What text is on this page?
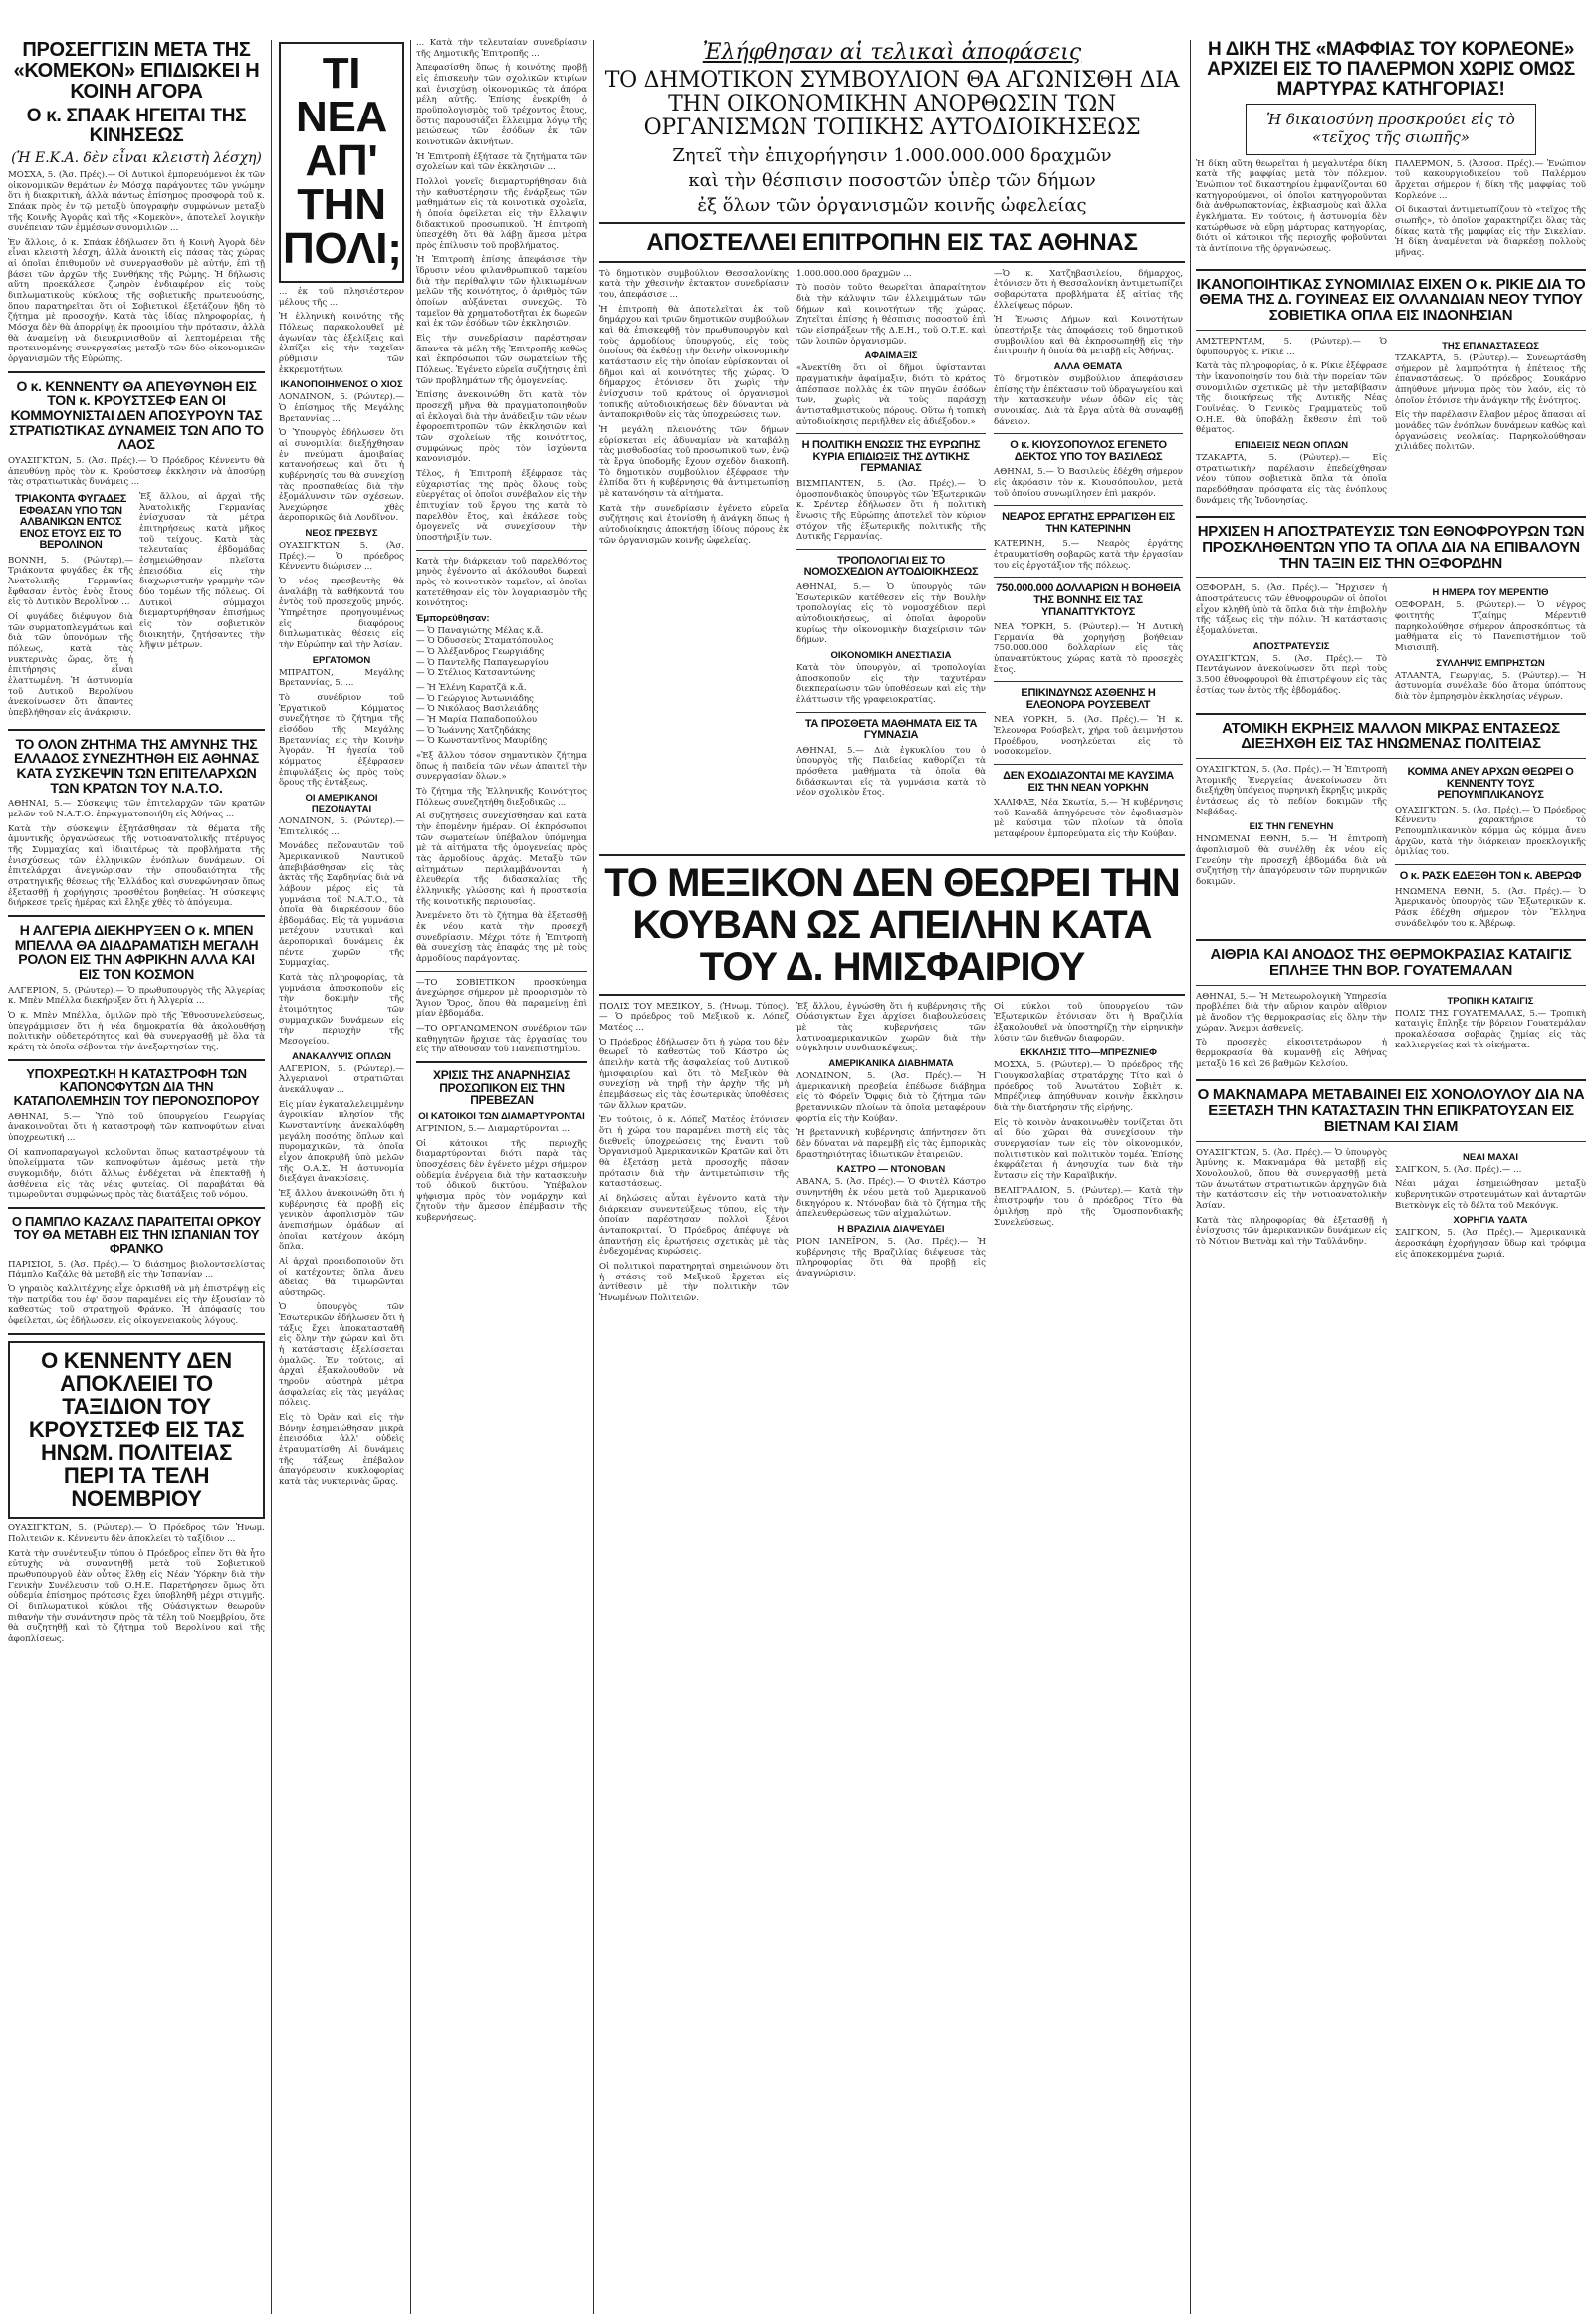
ΠΡΟΣΕΓΓΙΣΙΝ ΜΕΤΑ ΤΗΣ «ΚΟΜΕΚΟΝ» ΕΠΙΔΙΩΚΕΙ Η ΚΟΙΝΗ ΑΓΟΡΑ
Ο κ. ΣΠΑΑΚ ΗΓΕΙΤΑΙ ΤΗΣ ΚΙΝΗΣΕΩΣ
(Ἡ Ε.Κ.Α. δὲν εἶναι κλειστὴ λέσχη)

ΜΟΣΧΑ, 5. (Ἀσ. Πρές).— Οἱ Δυτικοὶ ἐμπορευόμενοι ἐκ τῶν οἰκονομικῶν θεμάτων ἐν Μόσχᾳ παράγοντες τῶν γνώμην ὅτι ἡ διακριτικὴ, ἀλλὰ πάντως ἐπίσημος προσφορὰ τοῦ κ. Σπάακ πρὸς ἐν τῷ μεταξὺ ὑπογραφὴν συμφώνων μεταξὺ τῆς Κοινῆς Ἀγορᾶς καὶ τῆς «Κομεκὸν», ἀποτελεῖ λογικὴν συνέπειαν τῶν ἐμμέσων συνομιλιῶν ...

Ἐν ἄλλοις, ὁ κ. Σπάακ ἐδήλωσεν ὅτι ἡ Κοινὴ Ἀγορὰ δὲν εἶναι κλειστὴ λέσχη, ἀλλὰ ἀνοικτὴ εἰς πάσας τὰς χώρας αἱ ὁποῖαι ἐπιθυμοῦν νὰ συνεργασθοῦν μὲ αὐτήν, ἐπὶ τῇ βάσει τῶν ἀρχῶν τῆς Συνθήκης τῆς Ρώμης. Ἡ δήλωσις αὕτη προεκάλεσε ζωηρὸν ἐνδιαφέρον εἰς τοὺς διπλωματικοὺς κύκλους τῆς σοβιετικῆς πρωτευούσης, ὅπου παρατηρεῖται ὅτι οἱ Σοβιετικοὶ ἐξετάζουν ἤδη τὸ ζήτημα μὲ προσοχήν. Κατὰ τὰς ἰδίας πληροφορίας, ἡ Μόσχα δὲν θὰ ἀπορρίψῃ ἐκ προοιμίου τὴν πρότασιν, ἀλλὰ θὰ ἀναμείνῃ νὰ διευκρινισθοῦν αἱ λεπτομέρειαι τῆς προτεινομένης συνεργασίας μεταξὺ τῶν δύο οἰκονομικῶν ὀργανισμῶν τῆς Εὐρώπης.

Ο κ. ΚΕΝΝΕΝΤΥ ΘΑ ΑΠΕΥΘΥΝΘΗ ΕΙΣ ΤΟΝ κ. ΚΡΟΥΣΤΣΕΦ ΕΑΝ ΟΙ ΚΟΜΜΟΥΝΙΣΤΑΙ ΔΕΝ ΑΠΟΣΥΡΟΥΝ ΤΑΣ ΣΤΡΑΤΙΩΤΙΚΑΣ ΔΥΝΑΜΕΙΣ ΤΩΝ ΑΠΟ ΤΟ ΛΑΟΣ

ΟΥΑΣΙΓΚΤΩΝ, 5. (Ἀσ. Πρές).— Ὁ Πρόεδρος Κέννεντυ θὰ ἀπευθύνῃ πρὸς τὸν κ. Κρούστσεφ ἐκκλησιν νὰ ἀποσύρῃ τὰς στρατιωτικὰς δυνάμεις ...

ΤΡΙΑΚΟΝΤΑ ΦΥΓΑΔΕΣ ΕΦΘΑΣΑΝ ΥΠΟ ΤΩΝ ΑΛΒΑΝΙΚΩΝ ΕΝΤΟΣ ΕΝΟΣ ΕΤΟΥΣ ΕΙΣ ΤΟ ΒΕΡΟΛΙΝΟΝ

ΒΟΝΝΗ, 5. (Ρώυτερ).— Τριάκοντα φυγάδες ἐκ τῆς Ἀνατολικῆς Γερμανίας ἔφθασαν ἐντὸς ἑνὸς ἔτους εἰς τὸ Δυτικὸν Βερολῖνον ...

Οἱ φυγάδες διέφυγον διὰ τῶν συρματοπλεγμάτων καὶ διὰ τῶν ὑπονόμων τῆς πόλεως, κατὰ τὰς νυκτερινὰς ὥρας, ὅτε ἡ ἐπιτήρησις εἶναι ἐλαττωμένη. Ἡ ἀστυνομία τοῦ Δυτικοῦ Βερολίνου ἀνεκοίνωσεν ὅτι ἅπαντες ὑπεβλήθησαν εἰς ἀνάκρισιν.

Ἐξ ἄλλου, αἱ ἀρχαὶ τῆς Ἀνατολικῆς Γερμανίας ἐνίσχυσαν τὰ μέτρα ἐπιτηρήσεως κατὰ μῆκος τοῦ τείχους. Κατὰ τὰς τελευταίας ἑβδομάδας ἐσημειώθησαν πλεῖστα ἐπεισόδια εἰς τὴν διαχωριστικὴν γραμμὴν τῶν δύο τομέων τῆς πόλεως. Οἱ Δυτικοὶ σύμμαχοι διεμαρτυρήθησαν ἐπισήμως εἰς τὸν σοβιετικὸν διοικητήν, ζητήσαντες τὴν λῆψιν μέτρων.

ΤΟ ΟΛΟΝ ΖΗΤΗΜΑ ΤΗΣ ΑΜΥΝΗΣ ΤΗΣ ΕΛΛΑΔΟΣ ΣΥΝΕΖΗΤΗΘΗ ΕΙΣ ΑΘΗΝΑΣ ΚΑΤΑ ΣΥΣΚΕΨΙΝ ΤΩΝ ΕΠΙΤΕΛΑΡΧΩΝ ΤΩΝ ΚΡΑΤΩΝ ΤΟΥ Ν.Α.Τ.Ο.

ΑΘΗΝΑΙ, 5.— Σύσκεψις τῶν ἐπιτελαρχῶν τῶν κρατῶν μελῶν τοῦ Ν.Α.Τ.Ο. ἐπραγματοποιήθη εἰς Ἀθήνας ...

Κατὰ τὴν σύσκεψιν ἐξητάσθησαν τὰ θέματα τῆς ἀμυντικῆς ὀργανώσεως τῆς νοτιοανατολικῆς πτέρυγος τῆς Συμμαχίας καὶ ἰδιαιτέρως τὰ προβλήματα τῆς ἐνισχύσεως τῶν ἑλληνικῶν ἐνόπλων δυνάμεων. Οἱ ἐπιτελάρχαι ἀνεγνώρισαν τὴν σπουδαιότητα τῆς στρατηγικῆς θέσεως τῆς Ἑλλάδος καὶ συνεφώνησαν ὅπως ἐξετασθῇ ἡ χορήγησις προσθέτου βοηθείας. Ἡ σύσκεψις διήρκεσε τρεῖς ἡμέρας καὶ ἔληξε χθὲς τὸ ἀπόγευμα.

Η ΑΛΓΕΡΙΑ ΔΙΕΚΗΡΥΞΕΝ Ο κ. ΜΠΕΝ ΜΠΕΛΛΑ ΘΑ ΔΙΑΔΡΑΜΑΤΙΣΗ ΜΕΓΑΛΗ ΡΟΛΟΝ ΕΙΣ ΤΗΝ ΑΦΡΙΚΗΝ ΑΛΛΑ ΚΑΙ ΕΙΣ ΤΟΝ ΚΟΣΜΟΝ

ΑΛΓΕΡΙΟΝ, 5. (Ρώυτερ).— Ὁ πρωθυπουργὸς τῆς Ἀλγερίας κ. Μπὲν Μπέλλα διεκήρυξεν ὅτι ἡ Ἀλγερία ...

Ὁ κ. Μπὲν Μπέλλα, ὁμιλῶν πρὸ τῆς Ἐθνοσυνελεύσεως, ὑπεγράμμισεν ὅτι ἡ νέα δημοκρατία θὰ ἀκολουθήσῃ πολιτικὴν οὐδετερότητος καὶ θὰ συνεργασθῇ μὲ ὅλα τὰ κράτη τὰ ὁποῖα σέβονται τὴν ἀνεξαρτησίαν της.

ΥΠΟΧΡΕΩΤ.ΚΗ Η ΚΑΤΑΣΤΡΟΦΗ ΤΩΝ ΚΑΠΟΝΟΦΥΤΩΝ ΔΙΑ ΤΗΝ ΚΑΤΑΠΟΛΕΜΗΣΙΝ ΤΟΥ ΠΕΡΟΝΟΣΠΟΡΟΥ

ΑΘΗΝΑΙ, 5.— Ὑπὸ τοῦ ὑπουργείου Γεωργίας ἀνακοινοῦται ὅτι ἡ καταστροφὴ τῶν καπνοφύτων εἶναι ὑποχρεωτική ...

Οἱ καπνοπαραγωγοὶ καλοῦνται ὅπως καταστρέψουν τὰ ὑπολείμματα τῶν καπνοφύτων ἀμέσως μετὰ τὴν συγκομιδήν, διότι ἄλλως ἐνδέχεται νὰ ἐπεκταθῇ ἡ ἀσθένεια εἰς τὰς νέας φυτείας. Οἱ παραβάται θὰ τιμωροῦνται συμφώνως πρὸς τὰς διατάξεις τοῦ νόμου.

Ο ΠΑΜΠΛΟ ΚΑΖΑΛΣ ΠΑΡΑΙΤΕΙΤΑΙ ΟΡΚΟΥ ΤΟΥ ΘΑ ΜΕΤΑΒΗ ΕΙΣ ΤΗΝ ΙΣΠΑΝΙΑΝ ΤΟΥ ΦΡΑΝΚΟ

ΠΑΡΙΣΙΟΙ, 5. (Ἀσ. Πρές).— Ὁ διάσημος βιολοντσελίστας Πάμπλο Καζάλς θὰ μεταβῇ εἰς τὴν Ἱσπανίαν ...

Ὁ γηραιὸς καλλιτέχνης εἶχε ὁρκισθῆ νὰ μὴ ἐπιστρέψῃ εἰς τὴν πατρίδα του ἐφ' ὅσον παραμένει εἰς τὴν ἐξουσίαν τὸ καθεστὼς τοῦ στρατηγοῦ Φράνκο. Ἡ ἀπόφασίς του ὀφείλεται, ὡς ἐδήλωσεν, εἰς οἰκογενειακοὺς λόγους.

Ο ΚΕΝΝΕΝΤΥ ΔΕΝ ΑΠΟΚΛΕΙΕΙ ΤΟ ΤΑΞΙΔΙΟΝ ΤΟΥ ΚΡΟΥΣΤΣΕΦ ΕΙΣ ΤΑΣ ΗΝΩΜ. ΠΟΛΙΤΕΙΑΣ ΠΕΡΙ ΤΑ ΤΕΛΗ ΝΟΕΜΒΡΙΟΥ

ΟΥΑΣΙΓΚΤΩΝ, 5. (Ρώυτερ).— Ὁ Πρόεδρος τῶν Ἡνωμ. Πολιτειῶν κ. Κέννεντυ δὲν ἀποκλείει τὸ ταξίδιον ...

Κατὰ τὴν συνέντευξιν τύπου ὁ Πρόεδρος εἶπεν ὅτι θὰ ἦτο εὐτυχὴς νὰ συναντηθῇ μετὰ τοῦ Σοβιετικοῦ πρωθυπουργοῦ ἐὰν οὗτος ἔλθῃ εἰς Νέαν Ὑόρκην διὰ τὴν Γενικὴν Συνέλευσιν τοῦ Ο.Η.Ε. Παρετήρησεν ὅμως ὅτι οὐδεμία ἐπίσημος πρότασις ἔχει ὑποβληθῆ μέχρι στιγμῆς. Οἱ διπλωματικοὶ κύκλοι τῆς Οὐάσιγκτων θεωροῦν πιθανὴν τὴν συνάντησιν πρὸς τὰ τέλη τοῦ Νοεμβρίου, ὅτε θὰ συζητηθῇ καὶ τὸ ζήτημα τοῦ Βερολίνου καὶ τῆς ἀφοπλίσεως.

ΤΙ ΝΕΑ ΑΠ' ΤΗΝ ΠΟΛΙ;

... ἐκ τοῦ πλησιέστερον μέλους τῆς ...

Ἡ ἑλληνικὴ κοινότης τῆς Πόλεως παρακολουθεῖ μὲ ἀγωνίαν τὰς ἐξελίξεις καὶ ἐλπίζει εἰς τὴν ταχεῖαν ρύθμισιν τῶν ἐκκρεμοτήτων.

ΙΚΑΝΟΠΟΙΗΜΕΝΟΣ Ο ΧΙΟΣ

ΛΟΝΔΙΝΟΝ, 5. (Ρώυτερ).— Ὁ ἐπίσημος τῆς Μεγάλης Βρεταννίας ...

Ὁ Ὑπουργὸς ἐδήλωσεν ὅτι αἱ συνομιλίαι διεξήχθησαν ἐν πνεύματι ἀμοιβαίας κατανοήσεως καὶ ὅτι ἡ κυβέρνησίς του θὰ συνεχίσῃ τὰς προσπαθείας διὰ τὴν ἐξομάλυνσιν τῶν σχέσεων. Ἀνεχώρησε χθὲς ἀεροπορικῶς διὰ Λονδῖνον.

ΝΕΟΣ ΠΡΕΣΒΥΣ

ΟΥΑΣΙΓΚΤΩΝ, 5. (Ἀσ. Πρές).— Ὁ πρόεδρος Κέννεντυ διώρισεν ...

Ὁ νέος πρεσβευτὴς θὰ ἀναλάβῃ τὰ καθήκοντά του ἐντὸς τοῦ προσεχοῦς μηνός. Ὑπηρέτησε προηγουμένως εἰς διαφόρους διπλωματικὰς θέσεις εἰς τὴν Εὐρώπην καὶ τὴν Ἀσίαν.

ΕΡΓΑΤΟΜΟΝ

ΜΠΡΑΙΤΟΝ, Μεγάλης Βρεταννίας, 5. ...

Τὸ συνέδριον τοῦ Ἐργατικοῦ Κόμματος συνεζήτησε τὸ ζήτημα τῆς εἰσόδου τῆς Μεγάλης Βρεταννίας εἰς τὴν Κοινὴν Ἀγοράν. Ἡ ἡγεσία τοῦ κόμματος ἐξέφρασεν ἐπιφυλάξεις ὡς πρὸς τοὺς ὅρους τῆς ἐντάξεως.

ΟΙ ΑΜΕΡΙΚΑΝΟΙ ΠΕΖΟΝΑΥΤΑΙ

ΛΟΝΔΙΝΟΝ, 5. (Ρώυτερ).— Ἐπιτελικός ...

Μονάδες πεζοναυτῶν τοῦ Ἀμερικανικοῦ Ναυτικοῦ ἀπεβιβάσθησαν εἰς τὰς ἀκτὰς τῆς Σαρδηνίας διὰ νὰ λάβουν μέρος εἰς τὰ γυμνάσια τοῦ Ν.Α.Τ.Ο., τὰ ὁποῖα θὰ διαρκέσουν δύο ἑβδομάδας. Εἰς τὰ γυμνάσια μετέχουν ναυτικαὶ καὶ ἀεροπορικαὶ δυνάμεις ἐκ πέντε χωρῶν τῆς Συμμαχίας.

Κατὰ τὰς πληροφορίας, τὰ γυμνάσια ἀποσκοποῦν εἰς τὴν δοκιμὴν τῆς ἑτοιμότητος τῶν συμμαχικῶν δυνάμεων εἰς τὴν περιοχὴν τῆς Μεσογείου.

ΑΝΑΚΑΛΥΨΙΣ ΟΠΛΩΝ

ΑΛΓΕΡΙΟΝ, 5. (Ρώυτερ).— Ἀλγεριανοὶ στρατιῶται ἀνεκάλυψαν ...

Εἰς μίαν ἐγκαταλελειμμένην ἀγροικίαν πλησίον τῆς Κωνσταντίνης ἀνεκαλύφθη μεγάλη ποσότης ὅπλων καὶ πυρομαχικῶν, τὰ ὁποῖα εἶχον ἀποκρυβῆ ὑπὸ μελῶν τῆς Ο.Α.Σ. Ἡ ἀστυνομία διεξάγει ἀνακρίσεις.

Ἐξ ἄλλου ἀνεκοινώθη ὅτι ἡ κυβέρνησις θὰ προβῇ εἰς γενικὸν ἀφοπλισμὸν τῶν ἀνεπισήμων ὁμάδων αἱ ὁποῖαι κατέχουν ἀκόμη ὅπλα.

Αἱ ἀρχαὶ προειδοποιοῦν ὅτι οἱ κατέχοντες ὅπλα ἄνευ ἀδείας θὰ τιμωρῶνται αὐστηρῶς.

Ὁ ὑπουργὸς τῶν Ἐσωτερικῶν ἐδήλωσεν ὅτι ἡ τάξις ἔχει ἀποκατασταθῆ εἰς ὅλην τὴν χώραν καὶ ὅτι ἡ κατάστασις ἐξελίσσεται ὁμαλῶς. Ἐν τούτοις, αἱ ἀρχαὶ ἐξακολουθοῦν νὰ τηροῦν αὐστηρὰ μέτρα ἀσφαλείας εἰς τὰς μεγάλας πόλεις.

Εἰς τὸ Ὀρὰν καὶ εἰς τὴν Βόνην ἐσημειώθησαν μικρὰ ἐπεισόδια ἀλλ' οὐδεὶς ἐτραυματίσθη. Αἱ δυνάμεις τῆς τάξεως ἐπέβαλον ἀπαγόρευσιν κυκλοφορίας κατὰ τὰς νυκτερινὰς ὥρας.

... Κατὰ τὴν τελευταίαν συνεδρίασιν τῆς Δημοτικῆς Ἐπιτροπῆς ...

Ἀπεφασίσθη ὅπως ἡ κοινότης προβῇ εἰς ἐπισκευὴν τῶν σχολικῶν κτιρίων καὶ ἐνισχύσῃ οἰκονομικῶς τὰ ἀπόρα μέλη αὐτῆς. Ἐπίσης ἐνεκρίθη ὁ προϋπολογισμὸς τοῦ τρέχοντος ἔτους, ὅστις παρουσιάζει ἔλλειμμα λόγῳ τῆς μειώσεως τῶν ἐσόδων ἐκ τῶν κοινοτικῶν ἀκινήτων.

Ἡ Ἐπιτροπὴ ἐξήτασε τὰ ζητήματα τῶν σχολείων καὶ τῶν ἐκκλησιῶν ...

Πολλοὶ γονεῖς διεμαρτυρήθησαν διὰ τὴν καθυστέρησιν τῆς ἐνάρξεως τῶν μαθημάτων εἰς τὰ κοινοτικὰ σχολεῖα, ἡ ὁποία ὀφείλεται εἰς τὴν ἔλλειψιν διδακτικοῦ προσωπικοῦ. Ἡ ἐπιτροπὴ ὑπεσχέθη ὅτι θὰ λάβῃ ἅμεσα μέτρα πρὸς ἐπίλυσιν τοῦ προβλήματος.

Ἡ Ἐπιτροπὴ ἐπίσης ἀπεφάσισε τὴν ἵδρυσιν νέου φιλανθρωπικοῦ ταμείου διὰ τὴν περίθαλψιν τῶν ἡλικιωμένων μελῶν τῆς κοινότητος, ὁ ἀριθμὸς τῶν ὁποίων αὐξάνεται συνεχῶς. Τὸ ταμεῖον θὰ χρηματοδοτῆται ἐκ δωρεῶν καὶ ἐκ τῶν ἐσόδων τῶν ἐκκλησιῶν.

Εἰς τὴν συνεδρίασιν παρέστησαν ἅπαντα τὰ μέλη τῆς Ἐπιτροπῆς καθὼς καὶ ἐκπρόσωποι τῶν σωματείων τῆς Πόλεως. Ἐγένετο εὐρεῖα συζήτησις ἐπὶ τῶν προβλημάτων τῆς ὁμογενείας.

Ἐπίσης ἀνεκοινώθη ὅτι κατὰ τὸν προσεχῆ μῆνα θὰ πραγματοποιηθοῦν αἱ ἐκλογαὶ διὰ τὴν ἀνάδειξιν τῶν νέων ἐφοροεπιτροπῶν τῶν ἐκκλησιῶν καὶ τῶν σχολείων τῆς κοινότητος, συμφώνως πρὸς τὸν ἰσχύοντα κανονισμόν.

Τέλος, ἡ Ἐπιτροπὴ ἐξέφρασε τὰς εὐχαριστίας της πρὸς ὅλους τοὺς εὐεργέτας οἱ ὁποῖοι συνέβαλον εἰς τὴν ἐπιτυχίαν τοῦ ἔργου της κατὰ τὸ παρελθὸν ἔτος, καὶ ἐκάλεσε τοὺς ὁμογενεῖς νὰ συνεχίσουν τὴν ὑποστήριξίν των.

Κατὰ τὴν διάρκειαν τοῦ παρελθόντος μηνὸς ἐγένοντο αἱ ἀκόλουθοι δωρεαὶ πρὸς τὸ κοινοτικὸν ταμεῖον, αἱ ὁποῖαι κατετέθησαν εἰς τὸν λογαριασμὸν τῆς κοινότητος:

Ἐμπορεύθησαν:

— Ὁ Παναγιώτης Μέλας κ.ἄ.
— Ὁ Ὀδυσσεὺς Σταματόπουλος
— Ὁ Ἀλέξανδρος Γεωργιάδης
— Ὁ Παντελῆς Παπαγεωργίου
— Ὁ Στέλιος Κατσαντώνης

— Ἡ Ἑλένη Καρατζᾶ κ.ἄ.
— Ὁ Γεώργιος Ἀντωνιάδης
— Ὁ Νικόλαος Βασιλειάδης
— Ἡ Μαρία Παπαδοπούλου
— Ὁ Ἰωάννης Χατζηδάκης
— Ὁ Κωνσταντῖνος Μαυρίδης

«Ἐξ ἄλλου τόσον σημαντικὸν ζήτημα ὅπως ἡ παιδεία τῶν νέων ἀπαιτεῖ τὴν συνεργασίαν ὅλων.»

Τὸ ζήτημα τῆς Ἑλληνικῆς Κοινότητος Πόλεως συνεζητήθη διεξοδικῶς ...

Αἱ συζητήσεις συνεχίσθησαν καὶ κατὰ τὴν ἑπομένην ἡμέραν. Οἱ ἐκπρόσωποι τῶν σωματείων ὑπέβαλον ὑπόμνημα μὲ τὰ αἰτήματα τῆς ὁμογενείας πρὸς τὰς ἁρμοδίους ἀρχάς. Μεταξὺ τῶν αἰτημάτων περιλαμβάνονται ἡ ἐλευθερία τῆς διδασκαλίας τῆς ἑλληνικῆς γλώσσης καὶ ἡ προστασία τῆς κοινοτικῆς περιουσίας.

Ἀνεμένετο ὅτι τὸ ζήτημα θὰ ἐξετασθῇ ἐκ νέου κατὰ τὴν προσεχῆ συνεδρίασιν. Μέχρι τότε ἡ Ἐπιτροπὴ θὰ συνεχίσῃ τὰς ἐπαφάς της μὲ τοὺς ἁρμοδίους παράγοντας.

—ΤΟ ΣΟΒΙΕΤΙΚΟΝ προσκύνημα ἀνεχώρησε σήμερον μὲ προορισμὸν τὸ Ἅγιον Ὄρος, ὅπου θὰ παραμείνῃ ἐπὶ μίαν ἑβδομάδα.

—ΤΟ ΟΡΓΑΝΩΜΕΝΟΝ συνέδριον τῶν καθηγητῶν ἤρχισε τὰς ἐργασίας του εἰς τὴν αἴθουσαν τοῦ Πανεπιστημίου.

ΧΡΙΣΙΣ ΤΗΣ ΑΝΑΡΝΗΣΙΑΣ ΠΡΟΣΩΠΙΚΟΝ ΕΙΣ ΤΗΝ ΠΡΕΒΕΖΑΝ
ΟΙ ΚΑΤΟΙΚΟΙ ΤΩΝ ΔΙΑΜΑΡΤΥΡΟΝΤΑΙ

ΑΓΡΙΝΙΟΝ, 5.— Διαμαρτύρονται ...

Οἱ κάτοικοι τῆς περιοχῆς διαμαρτύρονται διότι παρὰ τὰς ὑποσχέσεις δὲν ἐγένετο μέχρι σήμερον οὐδεμία ἐνέργεια διὰ τὴν κατασκευὴν τοῦ ὁδικοῦ δικτύου. Ὑπέβαλον ψήφισμα πρὸς τὸν νομάρχην καὶ ζητοῦν τὴν ἄμεσον ἐπέμβασιν τῆς κυβερνήσεως.

Ἐλήφθησαν αἱ τελικαὶ ἀποφάσεις
ΤΟ ΔΗΜΟΤΙΚΟΝ ΣΥΜΒΟΥΛΙΟΝ ΘΑ ΑΓΩΝΙΣΘΗ ΔΙΑ ΤΗΝ ΟΙΚΟΝΟΜΙΚΗΝ ΑΝΟΡΘΩΣΙΝ ΤΩΝ ΟΡΓΑΝΙΣΜΩΝ ΤΟΠΙΚΗΣ ΑΥΤΟΔΙΟΙΚΗΣΕΩΣ
Ζητεῖ τὴν ἐπιχορήγησιν 1.000.000.000 δραχμῶν
καὶ τὴν θέσπισιν ποσοστῶν ὑπὲρ τῶν δήμων
ἐξ ὅλων τῶν ὀργανισμῶν κοινῆς ὠφελείας
ΑΠΟΣΤΕΛΛΕΙ ΕΠΙΤΡΟΠΗΝ ΕΙΣ ΤΑΣ ΑΘΗΝΑΣ

Τὸ δημοτικὸν συμβούλιον Θεσσαλονίκης κατὰ τὴν χθεσινὴν ἐκτακτον συνεδρίασιν του, ἀπεφάσισε ...

Ἡ ἐπιτροπὴ θὰ ἀποτελεῖται ἐκ τοῦ δημάρχου καὶ τριῶν δημοτικῶν συμβούλων καὶ θὰ ἐπισκεφθῇ τὸν πρωθυπουργὸν καὶ τοὺς ἁρμοδίους ὑπουργούς, εἰς τοὺς ὁποίους θὰ ἐκθέσῃ τὴν δεινὴν οἰκονομικὴν κατάστασιν εἰς τὴν ὁποίαν εὑρίσκονται οἱ δῆμοι καὶ αἱ κοινότητες τῆς χώρας. Ὁ δήμαρχος ἐτόνισεν ὅτι χωρὶς τὴν ἐνίσχυσιν τοῦ κράτους οἱ ὀργανισμοὶ τοπικῆς αὐτοδιοικήσεως δὲν δύνανται νὰ ἀνταποκριθοῦν εἰς τὰς ὑποχρεώσεις των.

Ἡ μεγάλη πλειονότης τῶν δήμων εὑρίσκεται εἰς ἀδυναμίαν νὰ καταβάλῃ τὰς μισθοδοσίας τοῦ προσωπικοῦ των, ἐνῷ τὰ ἔργα ὑποδομῆς ἔχουν σχεδὸν διακοπῆ. Τὸ δημοτικὸν συμβούλιον ἐξέφρασε τὴν ἐλπίδα ὅτι ἡ κυβέρνησις θὰ ἀντιμετωπίσῃ μὲ κατανόησιν τὰ αἰτήματα.

Κατὰ τὴν συνεδρίασιν ἐγένετο εὐρεῖα συζήτησις καὶ ἐτονίσθη ἡ ἀνάγκη ὅπως ἡ αὐτοδιοίκησις ἀποκτήσῃ ἰδίους πόρους ἐκ τῶν ὀργανισμῶν κοινῆς ὠφελείας.

1.000.000.000 δραχμῶν ...

Τὸ ποσὸν τοῦτο θεωρεῖται ἀπαραίτητον διὰ τὴν κάλυψιν τῶν ἐλλειμμάτων τῶν δήμων καὶ κοινοτήτων τῆς χώρας. Ζητεῖται ἐπίσης ἡ θέσπισις ποσοστοῦ ἐπὶ τῶν εἰσπράξεων τῆς Δ.Ε.Η., τοῦ Ο.Τ.Ε. καὶ τῶν λοιπῶν ὀργανισμῶν.

ΑΦΑΙΜΑΞΙΣ

«Ἀνεκτίθη ὅτι οἱ δῆμοι ὑφίστανται πραγματικὴν ἀφαίμαξιν, διότι τὸ κράτος ἀπέσπασε πολλὰς ἐκ τῶν πηγῶν ἐσόδων των, χωρὶς νὰ τοὺς παράσχῃ ἀντισταθμιστικοὺς πόρους. Οὕτω ἡ τοπικὴ αὐτοδιοίκησις περιῆλθεν εἰς ἀδιέξοδον.»

Η ΠΟΛΙΤΙΚΗ ΕΝΩΣΙΣ ΤΗΣ ΕΥΡΩΠΗΣ ΚΥΡΙΑ ΕΠΙΔΙΩΞΙΣ ΤΗΣ ΔΥΤΙΚΗΣ ΓΕΡΜΑΝΙΑΣ

ΒΙΣΜΠΑΝΤΕΝ, 5. (Ἀσ. Πρές).— Ὁ ὁμοσπονδιακὸς ὑπουργὸς τῶν Ἐξωτερικῶν κ. Σρέντερ ἐδήλωσεν ὅτι ἡ πολιτικὴ ἕνωσις τῆς Εὐρώπης ἀποτελεῖ τὸν κύριον στόχον τῆς ἐξωτερικῆς πολιτικῆς τῆς Δυτικῆς Γερμανίας.

ΤΡΟΠΟΛΟΓΙΑΙ ΕΙΣ ΤΟ ΝΟΜΟΣΧΕΔΙΟΝ ΑΥΤΟΔΙΟΙΚΗΣΕΩΣ

ΑΘΗΝΑΙ, 5.— Ὁ ὑπουργὸς τῶν Ἐσωτερικῶν κατέθεσεν εἰς τὴν Βουλὴν τροπολογίας εἰς τὸ νομοσχέδιον περὶ αὐτοδιοικήσεως, αἱ ὁποῖαι ἀφοροῦν κυρίως τὴν οἰκονομικὴν διαχείρισιν τῶν δήμων.

ΟΙΚΟΝΟΜΙΚΗ ΑΝΕΣΤΙΑΣΙΑ

Κατὰ τὸν ὑπουργὸν, αἱ τροπολογίαι ἀποσκοποῦν εἰς τὴν ταχυτέραν διεκπεραίωσιν τῶν ὑποθέσεων καὶ εἰς τὴν ἐλάττωσιν τῆς γραφειοκρατίας.

ΤΑ ΠΡΟΣΘΕΤΑ ΜΑΘΗΜΑΤΑ ΕΙΣ ΤΑ ΓΥΜΝΑΣΙΑ

ΑΘΗΝΑΙ, 5.— Διὰ ἐγκυκλίου του ὁ ὑπουργὸς τῆς Παιδείας καθορίζει τὰ πρόσθετα μαθήματα τὰ ὁποῖα θὰ διδάσκωνται εἰς τὰ γυμνάσια κατὰ τὸ νέον σχολικὸν ἔτος.

—Ὁ κ. Χατζηβασιλείου, δήμαρχος, ἐτόνισεν ὅτι ἡ Θεσσαλονίκη ἀντιμετωπίζει σοβαρώτατα προβλήματα ἐξ αἰτίας τῆς ἐλλείψεως πόρων.

Ἡ Ἑνωσις Δήμων καὶ Κοινοτήτων ὑπεστήριξε τὰς ἀποφάσεις τοῦ δημοτικοῦ συμβουλίου καὶ θὰ ἐκπροσωπηθῇ εἰς τὴν ἐπιτροπὴν ἡ ὁποία θὰ μεταβῇ εἰς Ἀθήνας.

ΑΛΛΑ ΘΕΜΑΤΑ

Τὸ δημοτικὸν συμβούλιον ἀπεφάσισεν ἐπίσης τὴν ἐπέκτασιν τοῦ ὑδραγωγείου καὶ τὴν κατασκευὴν νέων ὁδῶν εἰς τὰς συνοικίας. Διὰ τὰ ἔργα αὐτὰ θὰ συναφθῇ δάνειον.

Ο κ. ΚΙΟΥΣΟΠΟΥΛΟΣ ΕΓΕΝΕΤΟ ΔΕΚΤΟΣ ΥΠΟ ΤΟΥ ΒΑΣΙΛΕΩΣ

ΑΘΗΝΑΙ, 5.— Ὁ Βασιλεὺς ἐδέχθη σήμερον εἰς ἀκρόασιν τὸν κ. Κιουσόπουλον, μετὰ τοῦ ὁποίου συνωμίλησεν ἐπὶ μακρόν.

ΝΕΑΡΟΣ ΕΡΓΑΤΗΣ ΕΡΡΑΓΙΣΘΗ ΕΙΣ ΤΗΝ ΚΑΤΕΡΙΝΗΝ

ΚΑΤΕΡΙΝΗ, 5.— Νεαρὸς ἐργάτης ἐτραυματίσθη σοβαρῶς κατὰ τὴν ἐργασίαν του εἰς ἐργοτάξιον τῆς πόλεως.

750.000.000 ΔΟΛΛΑΡΙΩΝ Η ΒΟΗΘΕΙΑ ΤΗΣ ΒΟΝΝΗΣ ΕΙΣ ΤΑΣ ΥΠΑΝΑΠΤΥΚΤΟΥΣ

ΝΕΑ ΥΟΡΚΗ, 5. (Ρώυτερ).— Ἡ Δυτικὴ Γερμανία θὰ χορηγήσῃ βοήθειαν 750.000.000 δολλαρίων εἰς τὰς ὑπαναπτύκτους χώρας κατὰ τὸ προσεχὲς ἔτος.

ΕΠΙΚΙΝΔΥΝΩΣ ΑΣΘΕΝΗΣ Η ΕΛΕΟΝΟΡΑ ΡΟΥΣΕΒΕΛΤ

ΝΕΑ ΥΟΡΚΗ, 5. (Ἀσ. Πρές).— Ἡ κ. Ἐλεονόρα Ρούσβελτ, χήρα τοῦ ἀειμνήστου Προέδρου, νοσηλεύεται εἰς τὸ νοσοκομεῖον.

ΔΕΝ ΕΧΟΔΙΑΖΟΝΤΑΙ ΜΕ ΚΑΥΣΙΜΑ ΕΙΣ ΤΗΝ ΝΕΑΝ ΥΟΡΚΗΝ

ΧΑΛΙΦΑΞ, Νέα Σκωτία, 5.— Ἡ κυβέρνησις τοῦ Καναδᾶ ἀπηγόρευσε τὸν ἐφοδιασμὸν μὲ καύσιμα τῶν πλοίων τὰ ὁποῖα μεταφέρουν ἐμπορεύματα εἰς τὴν Κούβαν.

ΤΟ ΜΕΞΙΚΟΝ ΔΕΝ ΘΕΩΡΕΙ ΤΗΝ ΚΟΥΒΑΝ ΩΣ ΑΠΕΙΛΗΝ ΚΑΤΑ ΤΟΥ Δ. ΗΜΙΣΦΑΙΡΙΟΥ

ΠΟΛΙΣ ΤΟΥ ΜΕΞΙΚΟΥ, 5. (Ἡνωμ. Τύπος).— Ὁ πρόεδρος τοῦ Μεξικοῦ κ. Λόπεζ Ματέος ...

Ὁ Πρόεδρος ἐδήλωσεν ὅτι ἡ χώρα του δὲν θεωρεῖ τὸ καθεστὼς τοῦ Κάστρο ὡς ἀπειλὴν κατὰ τῆς ἀσφαλείας τοῦ Δυτικοῦ ἡμισφαιρίου καὶ ὅτι τὸ Μεξικὸν θὰ συνεχίσῃ νὰ τηρῇ τὴν ἀρχὴν τῆς μὴ ἐπεμβάσεως εἰς τὰς ἐσωτερικὰς ὑποθέσεις τῶν ἄλλων κρατῶν.

Ἐν τούτοις, ὁ κ. Λόπεζ Ματέος ἐτόνισεν ὅτι ἡ χώρα του παραμένει πιστὴ εἰς τὰς διεθνεῖς ὑποχρεώσεις της ἔναντι τοῦ Ὀργανισμοῦ Ἀμερικανικῶν Κρατῶν καὶ ὅτι θὰ ἐξετάσῃ μετὰ προσοχῆς πᾶσαν πρότασιν διὰ τὴν ἀντιμετώπισιν τῆς καταστάσεως.

Αἱ δηλώσεις αὗται ἐγένοντο κατὰ τὴν διάρκειαν συνεντεύξεως τύπου, εἰς τὴν ὁποίαν παρέστησαν πολλοὶ ξένοι ἀνταποκριταί. Ὁ Πρόεδρος ἀπέφυγε νὰ ἀπαντήσῃ εἰς ἐρωτήσεις σχετικὰς μὲ τὰς ἐνδεχομένας κυρώσεις.

Οἱ πολιτικοὶ παρατηρηταὶ σημειώνουν ὅτι ἡ στάσις τοῦ Μεξικοῦ ἔρχεται εἰς ἀντίθεσιν μὲ τὴν πολιτικὴν τῶν Ἡνωμένων Πολιτειῶν.

Ἐξ ἄλλου, ἐγνώσθη ὅτι ἡ κυβέρνησις τῆς Οὐάσιγκτων ἔχει ἀρχίσει διαβουλεύσεις μὲ τὰς κυβερνήσεις τῶν λατινοαμερικανικῶν χωρῶν διὰ τὴν σύγκλησιν συνδιασκέψεως.

ΑΜΕΡΙΚΑΝΙΚΑ ΔΙΑΒΗΜΑΤΑ

ΛΟΝΔΙΝΟΝ, 5. (Ἀσ. Πρές).— Ἡ ἀμερικανικὴ πρεσβεία ἐπέδωσε διάβημα εἰς τὸ Φόρεϊν Ὄφφις διὰ τὸ ζήτημα τῶν βρεταννικῶν πλοίων τὰ ὁποῖα μεταφέρουν φορτία εἰς τὴν Κούβαν.

Ἡ βρεταννικὴ κυβέρνησις ἀπήντησεν ὅτι δὲν δύναται νὰ παρεμβῇ εἰς τὰς ἐμπορικὰς δραστηριότητας ἰδιωτικῶν ἑταιρειῶν.

ΚΑΣΤΡΟ — ΝΤΟΝΟΒΑΝ

ΑΒΑΝΑ, 5. (Ἀσ. Πρές).— Ὁ Φιντὲλ Κάστρο συνηντήθη ἐκ νέου μετὰ τοῦ Ἀμερικανοῦ δικηγόρου κ. Ντόνοβαν διὰ τὸ ζήτημα τῆς ἀπελευθερώσεως τῶν αἰχμαλώτων.

Η ΒΡΑΖΙΛΙΑ ΔΙΑΨΕΥΔΕΙ

ΡΙΟΝ ΙΑΝΕΪΡΟΝ, 5. (Ἀσ. Πρές).— Ἡ κυβέρνησις τῆς Βραζιλίας διέψευσε τὰς πληροφορίας ὅτι θὰ προβῇ εἰς ἀναγνώρισιν.

Οἱ κύκλοι τοῦ ὑπουργείου τῶν Ἐξωτερικῶν ἐτόνισαν ὅτι ἡ Βραζιλία ἐξακολουθεῖ νὰ ὑποστηρίζῃ τὴν εἰρηνικὴν λύσιν τῶν διεθνῶν διαφορῶν.

ΕΚΚΛΗΣΙΣ ΤΙΤΟ—ΜΠΡΕΖΝΙΕΦ

ΜΟΣΧΑ, 5. (Ρώυτερ).— Ὁ πρόεδρος τῆς Γιουγκοσλαβίας στρατάρχης Τίτο καὶ ὁ πρόεδρος τοῦ Ἀνωτάτου Σοβιὲτ κ. Μπρέζνιεφ ἀπηύθυναν κοινὴν ἔκκλησιν διὰ τὴν διατήρησιν τῆς εἰρήνης.

Εἰς τὸ κοινὸν ἀνακοινωθὲν τονίζεται ὅτι αἱ δύο χῶραι θὰ συνεχίσουν τὴν συνεργασίαν των εἰς τὸν οἰκονομικόν, πολιτιστικὸν καὶ πολιτικὸν τομέα. Ἐπίσης ἐκφράζεται ἡ ἀνησυχία των διὰ τὴν ἔντασιν εἰς τὴν Καραϊβικήν.

ΒΕΛΙΓΡΑΔΙΟΝ, 5. (Ρώυτερ).— Κατὰ τὴν ἐπιστροφήν του ὁ πρόεδρος Τίτο θὰ ὁμιλήσῃ πρὸ τῆς Ὁμοσπονδιακῆς Συνελεύσεως.

Η ΔΙΚΗ ΤΗΣ «ΜΑΦΦΙΑΣ ΤΟΥ ΚΟΡΛΕΟΝΕ» ΑΡΧΙΖΕΙ ΕΙΣ ΤΟ ΠΑΛΕΡΜΟΝ ΧΩΡΙΣ ΟΜΩΣ ΜΑΡΤΥΡΑΣ ΚΑΤΗΓΟΡΙΑΣ!
Ἡ δικαιοσύνη προσκρούει εἰς τὸ «τεῖχος τῆς σιωπῆς»

Ἡ δίκη αὕτη θεωρεῖται ἡ μεγαλυτέρα δίκη κατὰ τῆς μαφφίας μετὰ τὸν πόλεμον. Ἐνώπιον τοῦ δικαστηρίου ἐμφανίζονται 60 κατηγορούμενοι, οἱ ὁποῖοι κατηγοροῦνται διὰ ἀνθρωποκτονίας, ἐκβιασμοὺς καὶ ἄλλα ἐγκλήματα. Ἐν τούτοις, ἡ ἀστυνομία δὲν κατώρθωσε νὰ εὕρῃ μάρτυρας κατηγορίας, διότι οἱ κάτοικοι τῆς περιοχῆς φοβοῦνται τὰ ἀντίποινα τῆς ὀργανώσεως.

ΠΑΛΕΡΜΟΝ, 5. (Ἀσσοσ. Πρές).— Ἐνώπιον τοῦ κακουργιοδικείου τοῦ Παλέρμου ἄρχεται σήμερον ἡ δίκη τῆς μαφφίας τοῦ Κορλεόνε ...

Οἱ δικασταὶ ἀντιμετωπίζουν τὸ «τεῖχος τῆς σιωπῆς», τὸ ὁποῖον χαρακτηρίζει ὅλας τὰς δίκας κατὰ τῆς μαφφίας εἰς τὴν Σικελίαν. Ἡ δίκη ἀναμένεται νὰ διαρκέσῃ πολλοὺς μῆνας.

ΙΚΑΝΟΠΟΙΗΤΙΚΑΣ ΣΥΝΟΜΙΛΙΑΣ ΕΙΧΕΝ Ο κ. ΡΙΚΙΕ ΔΙΑ ΤΟ ΘΕΜΑ ΤΗΣ Δ. ΓΟΥΙΝΕΑΣ ΕΙΣ ΟΛΛΑΝΔΙΑΝ ΝΕΟΥ ΤΥΠΟΥ ΣΟΒΙΕΤΙΚΑ ΟΠΛΑ ΕΙΣ ΙΝΔΟΝΗΣΙΑΝ

ΑΜΣΤΕΡΝΤΑΜ, 5. (Ρώυτερ).— Ὁ ὑφυπουργὸς κ. Ρίκιε ...

Κατὰ τὰς πληροφορίας, ὁ κ. Ρίκιε ἐξέφρασε τὴν ἱκανοποίησίν του διὰ τὴν πορείαν τῶν συνομιλιῶν σχετικῶς μὲ τὴν μεταβίβασιν τῆς διοικήσεως τῆς Δυτικῆς Νέας Γουϊνέας. Ὁ Γενικὸς Γραμματεὺς τοῦ Ο.Η.Ε. θὰ ὑποβάλῃ ἔκθεσιν ἐπὶ τοῦ θέματος.

ΕΠΙΔΕΙΞΙΣ ΝΕΩΝ ΟΠΛΩΝ

ΤΖΑΚΑΡΤΑ, 5. (Ρώυτερ).— Εἰς στρατιωτικὴν παρέλασιν ἐπεδείχθησαν νέου τύπου σοβιετικὰ ὅπλα τὰ ὁποῖα παρεδόθησαν πρόσφατα εἰς τὰς ἐνόπλους δυνάμεις τῆς Ἰνδονησίας.

ΤΗΣ ΕΠΑΝΑΣΤΑΣΕΩΣ

ΤΖΑΚΑΡΤΑ, 5. (Ρώυτερ).— Συνεωρτάσθη σήμερον μὲ λαμπρότητα ἡ ἐπέτειος τῆς ἐπαναστάσεως. Ὁ πρόεδρος Σουκάρνο ἀπηύθυνε μήνυμα πρὸς τὸν λαόν, εἰς τὸ ὁποῖον ἐτόνισε τὴν ἀνάγκην τῆς ἑνότητος.

Εἰς τὴν παρέλασιν ἔλαβον μέρος ἅπασαι αἱ μονάδες τῶν ἐνόπλων δυνάμεων καθὼς καὶ ὀργανώσεις νεολαίας. Παρηκολούθησαν χιλιάδες πολιτῶν.

ΗΡΧΙΣΕΝ Η ΑΠΟΣΤΡΑΤΕΥΣΙΣ ΤΩΝ ΕΘΝΟΦΡΟΥΡΩΝ ΤΩΝ ΠΡΟΣΚΛΗΘΕΝΤΩΝ ΥΠΟ ΤΑ ΟΠΛΑ ΔΙΑ ΝΑ ΕΠΙΒΑΛΟΥΝ ΤΗΝ ΤΑΞΙΝ ΕΙΣ ΤΗΝ ΟΞΦΟΡΔΗΝ

ΟΞΦΟΡΔΗ, 5. (Ἀσ. Πρές).— Ἤρχισεν ἡ ἀποστράτευσις τῶν ἐθνοφρουρῶν οἱ ὁποῖοι εἶχον κληθῆ ὑπὸ τὰ ὅπλα διὰ τὴν ἐπιβολὴν τῆς τάξεως εἰς τὴν πόλιν. Ἡ κατάστασις ἐξομαλύνεται.

ΑΠΟΣΤΡΑΤΕΥΣΙΣ

ΟΥΑΣΙΓΚΤΩΝ, 5. (Ἀσ. Πρές).— Τὸ Πεντάγωνον ἀνεκοίνωσεν ὅτι περὶ τοὺς 3.500 ἐθνοφρουροὶ θὰ ἐπιστρέψουν εἰς τὰς ἑστίας των ἐντὸς τῆς ἑβδομάδος.

Η ΗΜΕΡΑ ΤΟΥ ΜΕΡΕΝΤΙΘ

ΟΞΦΟΡΔΗ, 5. (Ρώυτερ).— Ὁ νέγρος φοιτητὴς Τζαίημς Μέρεντιθ παρηκολούθησε σήμερον ἀπροσκόπτως τὰ μαθήματα εἰς τὸ Πανεπιστήμιον τοῦ Μισισιπῆ.

ΣΥΛΛΗΨΙΣ ΕΜΠΡΗΣΤΩΝ

ΑΤΛΑΝΤΑ, Γεωργίας, 5. (Ρώυτερ).— Ἡ ἀστυνομία συνέλαβε δύο ἄτομα ὑπόπτους διὰ τὸν ἐμπρησμὸν ἐκκλησίας νέγρων.

ΑΤΟΜΙΚΗ ΕΚΡΗΞΙΣ ΜΑΛΛΟΝ ΜΙΚΡΑΣ ΕΝΤΑΣΕΩΣ ΔΙΕΞΗΧΘΗ ΕΙΣ ΤΑΣ ΗΝΩΜΕΝΑΣ ΠΟΛΙΤΕΙΑΣ

ΟΥΑΣΙΓΚΤΩΝ, 5. (Ἀσ. Πρές).— Ἡ Ἐπιτροπὴ Ἀτομικῆς Ἐνεργείας ἀνεκοίνωσεν ὅτι διεξήχθη ὑπόγειος πυρηνικὴ ἔκρηξις μικρᾶς ἐντάσεως εἰς τὸ πεδίον δοκιμῶν τῆς Νεβάδας.

ΕΙΣ ΤΗΝ ΓΕΝΕΥΗΝ

ΗΝΩΜΕΝΑΙ ΕΘΝΗ, 5.— Ἡ ἐπιτροπὴ ἀφοπλισμοῦ θὰ συνέλθῃ ἐκ νέου εἰς Γενεύην τὴν προσεχῆ ἑβδομάδα διὰ νὰ συζητήσῃ τὴν ἀπαγόρευσιν τῶν πυρηνικῶν δοκιμῶν.

ΚΟΜΜΑ ΑΝΕΥ ΑΡΧΩΝ ΘΕΩΡΕΙ Ο ΚΕΝΝΕΝΤΥ ΤΟΥΣ ΡΕΠΟΥΜΠΛΙΚΑΝΟΥΣ

ΟΥΑΣΙΓΚΤΩΝ, 5. (Ἀσ. Πρές).— Ὁ Πρόεδρος Κέννεντυ χαρακτήρισε τὸ Ρεπουμπλικανικὸν κόμμα ὡς κόμμα ἄνευ ἀρχῶν, κατὰ τὴν διάρκειαν προεκλογικῆς ὁμιλίας του.

Ο κ. ΡΑΣΚ ΕΔΕΞΘΗ ΤΟΝ κ. ΑΒΕΡΩΦ

ΗΝΩΜΕΝΑ ΕΘΝΗ, 5. (Ἀσ. Πρές).— Ὁ Ἀμερικανὸς ὑπουργὸς τῶν Ἐξωτερικῶν κ. Ράσκ ἐδέχθη σήμερον τὸν Ἕλληνα συνάδελφόν του κ. Ἀβέρωφ.

ΑΙΘΡΙΑ ΚΑΙ ΑΝΟΔΟΣ ΤΗΣ ΘΕΡΜΟΚΡΑΣΙΑΣ ΚΑΤΑΙΓΙΣ ΕΠΛΗΞΕ ΤΗΝ ΒΟΡ. ΓΟΥΑΤΕΜΑΛΑΝ

ΑΘΗΝΑΙ, 5.— Ἡ Μετεωρολογικὴ Ὑπηρεσία προβλέπει διὰ τὴν αὔριον καιρὸν αἴθριον μὲ ἄνοδον τῆς θερμοκρασίας εἰς ὅλην τὴν χώραν. Ἄνεμοι ἀσθενεῖς.

Τὸ προσεχὲς εἰκοσιτετράωρον ἡ θερμοκρασία θὰ κυμανθῇ εἰς Ἀθήνας μεταξὺ 16 καὶ 26 βαθμῶν Κελσίου.

ΤΡΟΠΙΚΗ ΚΑΤΑΙΓΙΣ

ΠΟΛΙΣ ΤΗΣ ΓΟΥΑΤΕΜΑΛΑΣ, 5.— Τροπικὴ καταιγὶς ἔπληξε τὴν βόρειον Γουατεμάλαν προκαλέσασα σοβαρὰς ζημίας εἰς τὰς καλλιεργείας καὶ τὰ οἰκήματα.

Ο ΜΑΚΝΑΜΑΡΑ ΜΕΤΑΒΑΙΝΕΙ ΕΙΣ ΧΟΝΟΛΟΥΛΟΥ ΔΙΑ ΝΑ ΕΞΕΤΑΣΗ ΤΗΝ ΚΑΤΑΣΤΑΣΙΝ ΤΗΝ ΕΠΙΚΡΑΤΟΥΣΑΝ ΕΙΣ ΒΙΕΤΝΑΜ ΚΑΙ ΣΙΑΜ

ΟΥΑΣΙΓΚΤΩΝ, 5. (Ἀσ. Πρές).— Ὁ ὑπουργὸς Ἀμύνης κ. Μακναμάρα θὰ μεταβῇ εἰς Χονολουλοῦ, ὅπου θὰ συνεργασθῇ μετὰ τῶν ἀνωτάτων στρατιωτικῶν ἀρχηγῶν διὰ τὴν κατάστασιν εἰς τὴν νοτιοανατολικὴν Ἀσίαν.

Κατὰ τὰς πληροφορίας θὰ ἐξετασθῇ ἡ ἐνίσχυσις τῶν ἀμερικανικῶν δυνάμεων εἰς τὸ Νότιον Βιετνὰμ καὶ τὴν Ταϋλάνδην.

ΝΕΑΙ ΜΑΧΑΙ

ΣΑΙΓΚΟΝ, 5. (Ἀσ. Πρές).— ...

Νέαι μάχαι ἐσημειώθησαν μεταξὺ κυβερνητικῶν στρατευμάτων καὶ ἀνταρτῶν Βιετκὸνγκ εἰς τὸ δέλτα τοῦ Μεκόνγκ.

ΧΟΡΗΓΙΑ ΥΔΑΤΑ

ΣΑΙΓΚΟΝ, 5. (Ἀσ. Πρές).— Ἀμερικανικὰ ἀεροσκάφη ἐχορήγησαν ὕδωρ καὶ τρόφιμα εἰς ἀποκεκομμένα χωριά.
